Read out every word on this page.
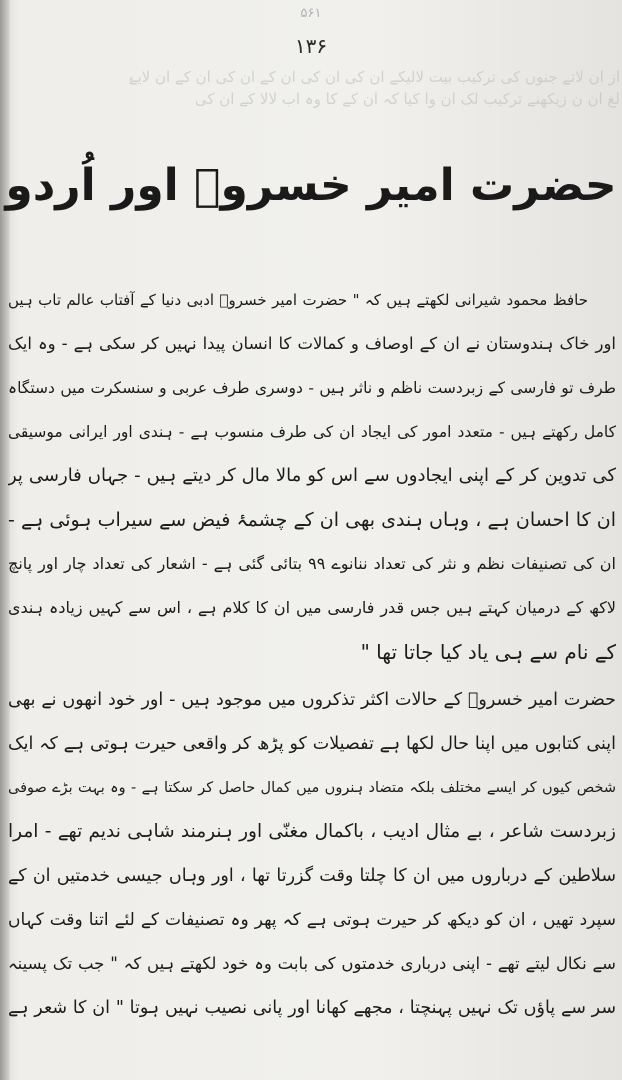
۵۶۱
از ان لاتے جنوں کی ترکیب بیت لالیکے ان کی ان کی ان کے ان کی ان کے ان لایۓ
لغ ان ن زیکھنے ترکیب لک ان وا کیا کہ ان کے کا وہ اب لالا کے ان کی
۱۳۶
حضرت امیر خسروؔ اور اُردو
حافظ محمود شیرانی لکھتے ہیں کہ " حضرت امیر خسروؔ ادبی دنیا کے آفتاب عالم تاب ہیں
اور خاک ہندوستان نے ان کے اوصاف و کمالات کا انسان پیدا نہیں کر سکی ہے - وہ ایک
طرف تو فارسی کے زبردست ناظم و ناثر ہیں - دوسری طرف عربی و سنسکرت میں دستگاہ
کامل رکھتے ہیں - متعدد امور کی ایجاد ان کی طرف منسوب ہے - ہندی اور ایرانی موسیقی
کی تدوین کر کے اپنی ایجادوں سے اس کو مالا مال کر دیتے ہیں - جہاں فارسی پر
ان کا احسان ہے ، وہاں ہندی بھی ان کے چشمۂ فیض سے سیراب ہوئی ہے -
ان کی تصنیفات نظم و نثر کی تعداد ننانوے ۹۹ بتائی گئی ہے - اشعار کی تعداد چار اور پانچ
لاکھ کے درمیان کہتے ہیں جس قدر فارسی میں ان کا کلام ہے ، اس سے کہیں زیادہ ہندی
کے نام سے ہی یاد کیا جاتا تھا "
حضرت امیر خسروؔ کے حالات اکثر تذکروں میں موجود ہیں - اور خود انھوں نے بھی
اپنی کتابوں میں اپنا حال لکھا ہے تفصیلات کو پڑھ کر واقعی حیرت ہوتی ہے کہ ایک
شخص کیوں کر ایسے مختلف بلکہ متضاد ہنروں میں کمال حاصل کر سکتا ہے - وہ بہت بڑے صوفی
زبردست شاعر ، بے مثال ادیب ، باکمال مغنّی اور ہنرمند شاہی ندیم تھے - امرا
سلاطین کے درباروں میں ان کا چلتا وقت گزرتا تھا ، اور وہاں جیسی خدمتیں ان کے
سپرد تھیں ، ان کو دیکھ کر حیرت ہوتی ہے کہ پھر وہ تصنیفات کے لئے اتنا وقت کہاں
سے نکال لیتے تھے - اپنی درباری خدمتوں کی بابت وہ خود لکھتے ہیں کہ " جب تک پسینہ
سر سے پاؤں تک نہیں پہنچتا ، مجھے کھانا اور پانی نصیب نہیں ہوتا " ان کا شعر ہے
